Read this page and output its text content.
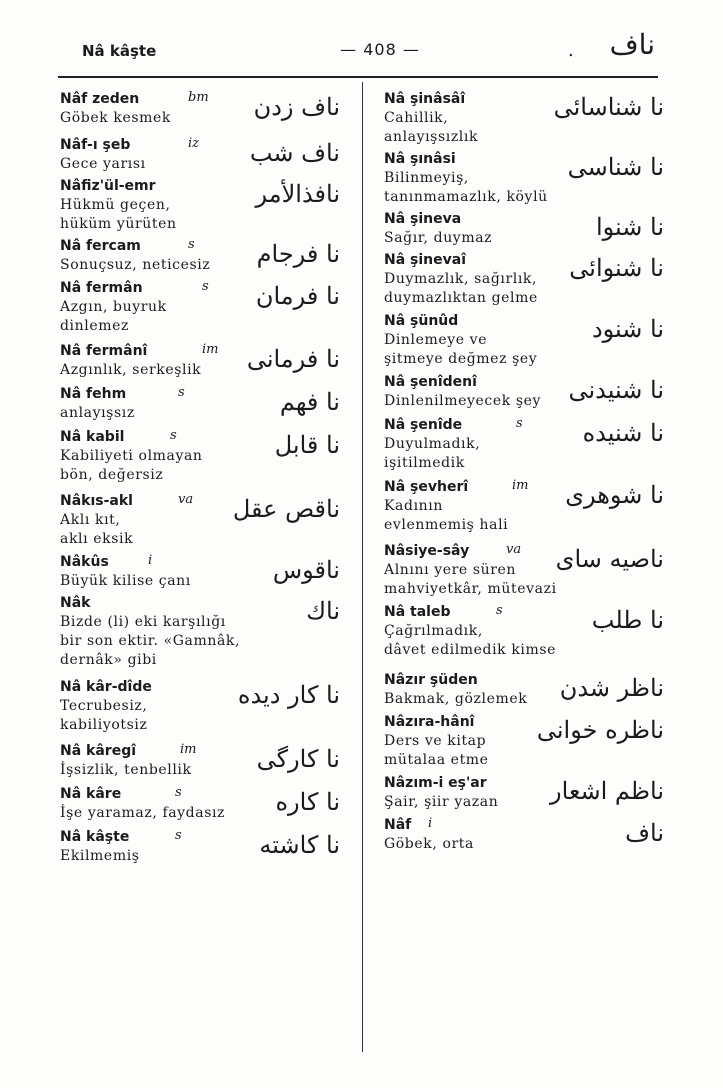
Nâ kâşte	— 408 —	. ناف
Nâf zeden	bm ناف زدن
Göbek kesmek
Nâf-ı şeb	iz ناف شب
Gece yarısı
Nâfiz'ül-emr	نافذالأمر
Hükmü geçen,
hüküm yürüten
Nâ fercam	s	نا فرجام
Sonuçsuz, neticesiz
Nâ fermân	s نا فرمان
Azgın, buyruk
dinlemez
Nâ fermânî	im نا فرمانى
Azgınlık, serkeşlik
Nâ fehm	s	نا فهم
anlayışsız
Nâ kabil	s	نا قابل
Kabiliyeti olmayan
bön, değersiz
Nâkıs-akl	va ناقص عقل
Aklı kıt,
aklı eksik
Nâkûs	i	ناقوس
Büyük kilise çanı
Nâk	ناك
Bizde (li) eki karşılığı
bir son ektir. «Gamnâk,
dernâk» gibi
Nâ kâr-dîde	نا كار ديده
Tecrubesiz,
kabiliyotsiz
Nâ kâregî	im	نا كارگى
İşsizlik, tenbellik
Nâ kâre	s	نا كاره
İşe yaramaz, faydasız
Nâ kâşte	s	نا كاشته
Ekilmemiş
Nâ şinâsâî	نا شناسائى
Cahillik,
anlayışsızlık
Nâ şınâsi	نا شناسى
Bilinmeyiş,
tanınmamazlık, köylü
Nâ şineva	نا شنوا
Sağır, duymaz
Nâ şinevaî	نا شنوائى
Duymazlık, sağırlık,
duymazlıktan gelme
Nâ şünûd	نا شنود
Dinlemeye ve
şitmeye değmez şey
Nâ şenîdenî	نا شنيدنى
Dinlenilmeyecek şey
Nâ şenîde	s نا شنيده
Duyulmadık,
işitilmedik
Nâ şevherî	im نا شوهرى
Kadının
evlenmemiş hali
Nâsiye-sây	va ناصيه ساى
Alnını yere süren
mahviyetkâr, mütevazi
Nâ taleb	s	نا طلب
Çağrılmadık,
dâvet edilmedik kimse
Nâzır şüden	ناظر شدن
Bakmak, gözlemek
Nâzıra-hânî	ناظره خوانى
Ders ve kitap
mütalaa etme
Nâzım-i eş'ar	ناظم اشعار
Şair, şiir yazan
Nâf	i	ناف
Göbek, orta
